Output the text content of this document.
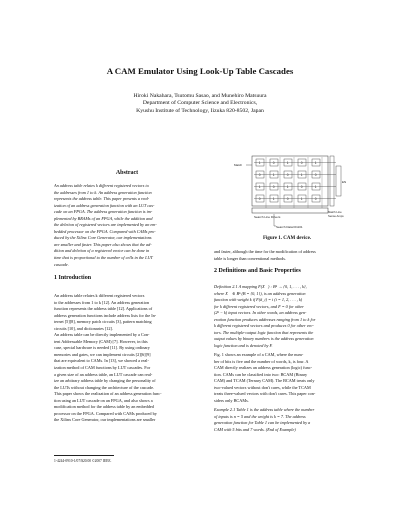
A CAM Emulator Using Look-Up Table Cascades
Hiroki Nakahara, Tsutomu Sasao, and Munehiro Matsuura
Department of Computer Science and Electronics,
Kyushu Institute of Technology, Iizuka 820-8502, Japan
Abstract
An address table relates k different registered vectors to
the addresses from 1 to k. An address generation function
represents the address table. This paper presents a real-
ization of an address generation function with an LUT cas-
cade on an FPGA. The address generation function is im-
plemented by BRAMs of an FPGA, while the addition and
the deletion of registered vectors are implemented by an em-
bedded processor on the FPGA. Compared with CAMs pro-
duced by the Xilinx Core Generator, our implementations
are smaller and faster. This paper also shows that the ad-
dition and deletion of a registered vector can be done in
time that is proportional to the number of cells in the LUT
cascade.
1 Introduction
An address table relates k different registered vectors
to the addresses from 1 to k [12]. An address generation
function represents the address table [12]. Applications of
address generation functions include address lists for the In-
ternet [5][8], memory patch circuits [3], pattern matching
circuits [10], and dictionaries [12].
An address table can be directly implemented by a Con-
tent Addressable Memory (CAM) [7]. However, in this
case, special hardware is needed [11]. By using ordinary
memories and gates, we can implement circuits [2][6][9]
that are equivalent to CAMs. In [13], we showed a real-
ization method of CAM functions by LUT cascades. For
a given size of an address table, an LUT cascade can real-
ize an arbitrary address table by changing the personality of
the LUTs without changing the architecture of the cascade.
This paper shows the realization of an address generation func-
tion using an LUT cascade on an FPGA, and also shows a
modification method for the address table by an embedded
processor on the FPGA. Compared with CAMs produced by
the Xilinx Core Generator, our implementations are smaller
1-4244-0910-1/07/$20.00 ©2007 IEEE.
1	0	1	0	1
0	1	0	1	0
1	0	1	0	1
0	1	0	1	0
Search Line Drivers
Search Data=01101
Match
EN
Match Line
Sense Amps
Figure 1. CAM device.
and faster, although the time for the modification of address
table is longer than conventional methods.
2 Definitions and Basic Properties
Definition 2.1 A mapping F(X⃗) : Bⁿ → {0, 1, . . . , k},
where X⃗ ∈ Bⁿ (B = {0, 1}), is an address generation
function with weight k if F(ā_i) = i (i = 1, 2, . . . , k)
for k different registered vectors, and F = 0 for other
(2ⁿ − k) input vectors. In other words, an address gen-
eration function produces addresses ranging from 1 to k for
k different registered vectors and produces 0 for other vec-
tors. The multiple-output logic function that represents the
output values by binary numbers is the address generation
logic function and is denoted by F.
Fig. 1 shows an example of a CAM, where the num-
ber of bits is five and the number of words, k, is four. A
CAM directly realizes an address generation (logic) func-
tion. CAMs can be classified into two: BCAM (Binary
CAM) and TCAM (Ternary CAM). The BCAM treats only
two-valued vectors without don't cares, while the TCAM
treats three-valued vectors with don't cares. This paper con-
siders only BCAMs.
Example 2.1 Table 1 is the address table where the number
of inputs is n = 5 and the weight is k = 7. The address
generation function for Table 1 can be implemented by a
CAM with 5 bits and 7 words. (End of Example)
